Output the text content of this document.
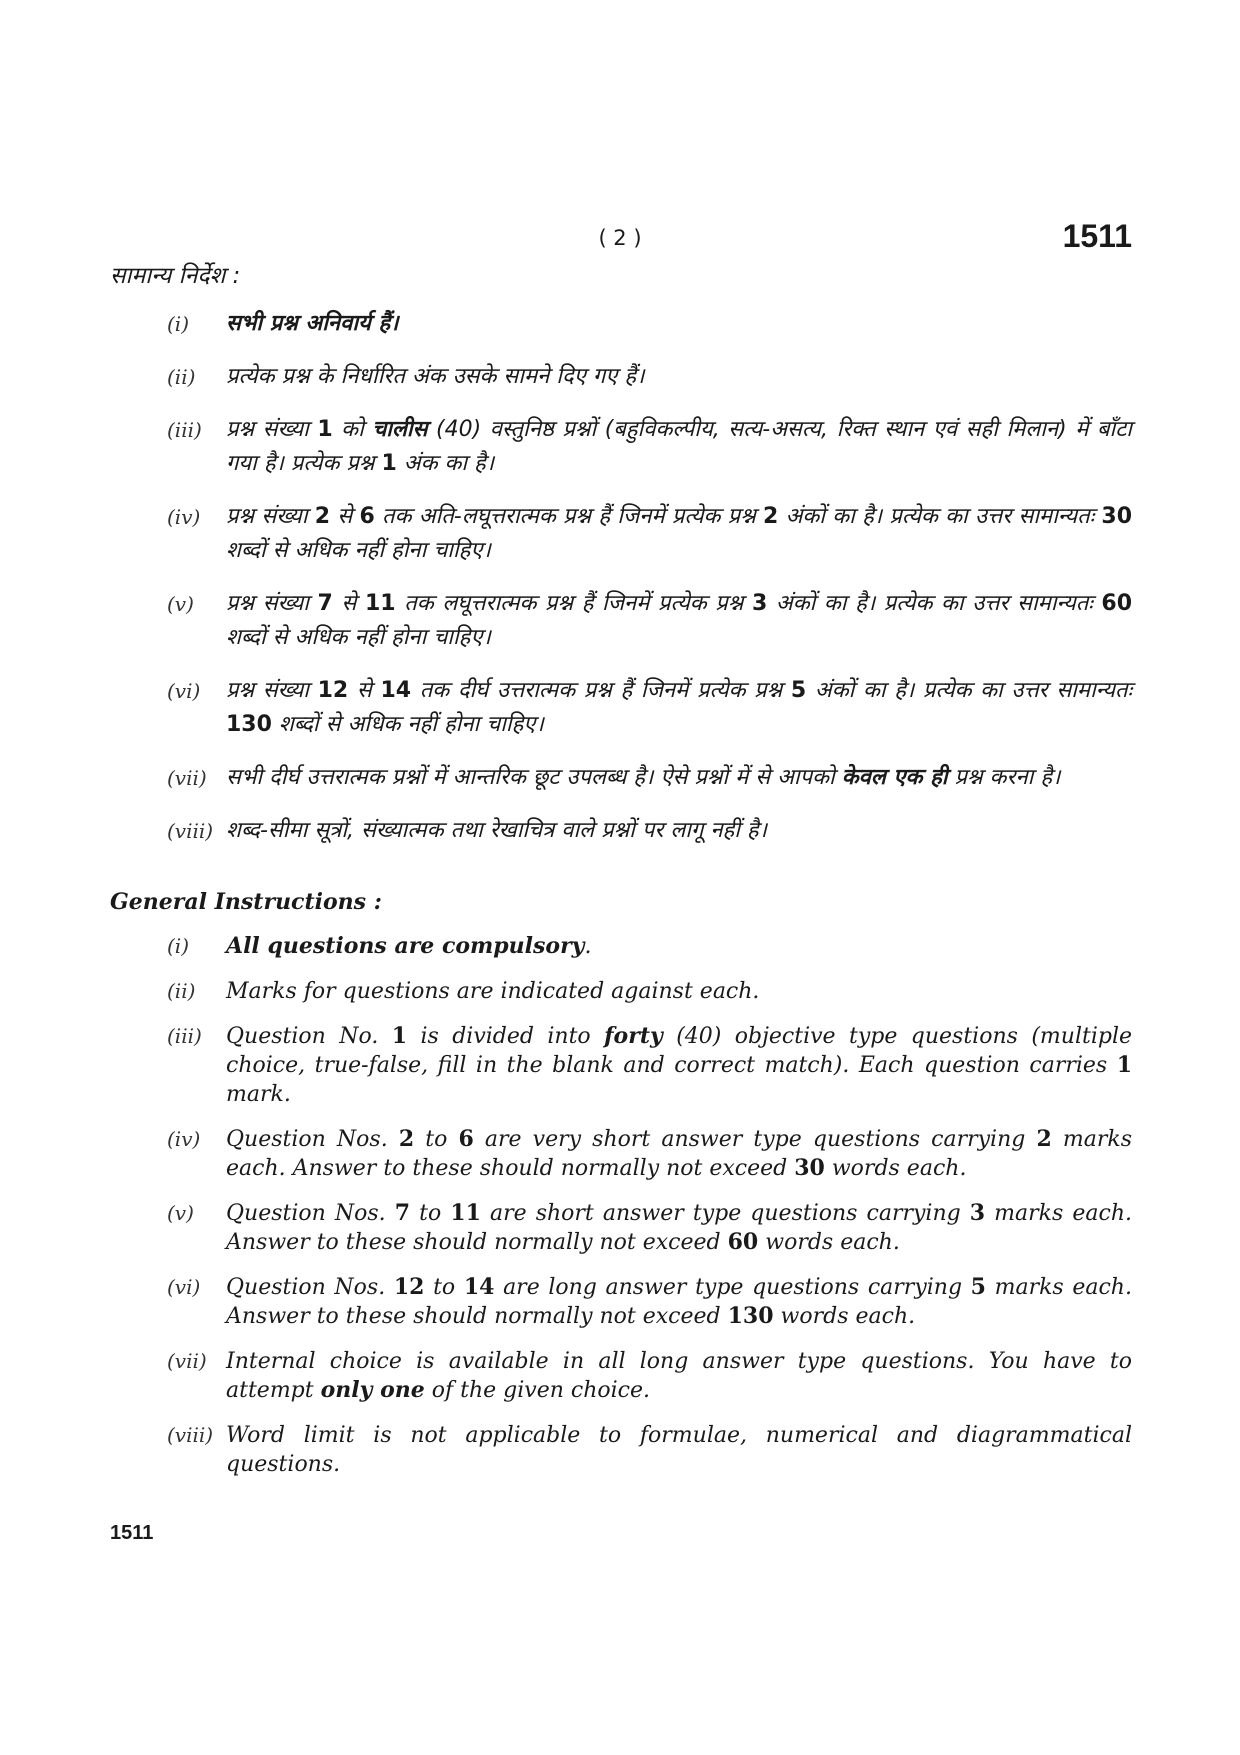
( 2 )	1511
सामान्य निर्देश :
(i) सभी प्रश्न अनिवार्य हैं।
(ii) प्रत्येक प्रश्न के निर्धारित अंक उसके सामने दिए गए हैं।
(iii) प्रश्न संख्या 1 को चालीस (40) वस्तुनिष्ठ प्रश्नों (बहुविकल्पीय, सत्य-असत्य, रिक्त स्थान एवं सही मिलान) में बाँटा गया है। प्रत्येक प्रश्न 1 अंक का है।
(iv) प्रश्न संख्या 2 से 6 तक अति-लघूत्तरात्मक प्रश्न हैं जिनमें प्रत्येक प्रश्न 2 अंकों का है। प्रत्येक का उत्तर सामान्यतः 30 शब्दों से अधिक नहीं होना चाहिए।
(v) प्रश्न संख्या 7 से 11 तक लघूत्तरात्मक प्रश्न हैं जिनमें प्रत्येक प्रश्न 3 अंकों का है। प्रत्येक का उत्तर सामान्यतः 60 शब्दों से अधिक नहीं होना चाहिए।
(vi) प्रश्न संख्या 12 से 14 तक दीर्घ उत्तरात्मक प्रश्न हैं जिनमें प्रत्येक प्रश्न 5 अंकों का है। प्रत्येक का उत्तर सामान्यतः 130 शब्दों से अधिक नहीं होना चाहिए।
(vii) सभी दीर्घ उत्तरात्मक प्रश्नों में आन्तरिक छूट उपलब्ध है। ऐसे प्रश्नों में से आपको केवल एक ही प्रश्न करना है।
(viii) शब्द-सीमा सूत्रों, संख्यात्मक तथा रेखाचित्र वाले प्रश्नों पर लागू नहीं है।
General Instructions :
(i) All questions are compulsory.
(ii) Marks for questions are indicated against each.
(iii) Question No. 1 is divided into forty (40) objective type questions (multiple choice, true-false, fill in the blank and correct match). Each question carries 1 mark.
(iv) Question Nos. 2 to 6 are very short answer type questions carrying 2 marks each. Answer to these should normally not exceed 30 words each.
(v) Question Nos. 7 to 11 are short answer type questions carrying 3 marks each. Answer to these should normally not exceed 60 words each.
(vi) Question Nos. 12 to 14 are long answer type questions carrying 5 marks each. Answer to these should normally not exceed 130 words each.
(vii) Internal choice is available in all long answer type questions. You have to attempt only one of the given choice.
(viii) Word limit is not applicable to formulae, numerical and diagrammatical questions.
1511
